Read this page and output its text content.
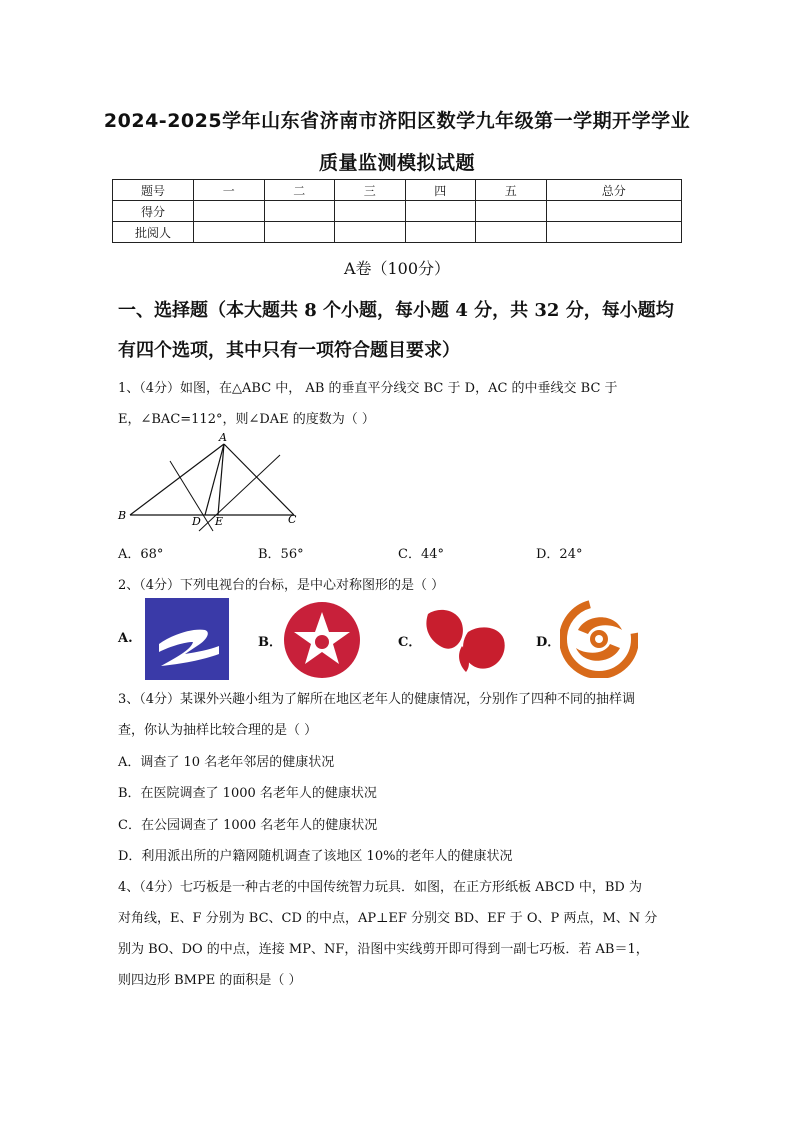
2024-2025学年山东省济南市济阳区数学九年级第一学期开学学业
质量监测模拟试题
题号	一	二	三	四	五	总分
得分						
批阅人						
A卷（100分）
一、选择题（本大题共 8 个小题，每小题 4 分，共 32 分，每小题均
有四个选项，其中只有一项符合题目要求）
1、（4分）如图，在△ABC 中， AB 的垂直平分线交 BC 于 D，AC 的中垂线交 BC 于
E，∠BAC=112°，则∠DAE 的度数为（ ）
A
B	C
D E
A．68°	B．56°	C．44°	D．24°
2、（4分）下列电视台的台标，是中心对称图形的是（ ）
A.	B．	C．	D．
3、（4分）某课外兴趣小组为了解所在地区老年人的健康情况，分别作了四种不同的抽样调
查，你认为抽样比较合理的是（ ）
A．调查了 10 名老年邻居的健康状况
B．在医院调查了 1000 名老年人的健康状况
C．在公园调查了 1000 名老年人的健康状况
D．利用派出所的户籍网随机调查了该地区 10%的老年人的健康状况
4、（4分）七巧板是一种古老的中国传统智力玩具．如图，在正方形纸板 ABCD 中，BD 为
对角线，E、F 分别为 BC、CD 的中点，AP⊥EF 分别交 BD、EF 于 O、P 两点，M、N 分
别为 BO、DO 的中点，连接 MP、NF，沿图中实线剪开即可得到一副七巧板．若 AB＝1，
则四边形 BMPE 的面积是（ ）
